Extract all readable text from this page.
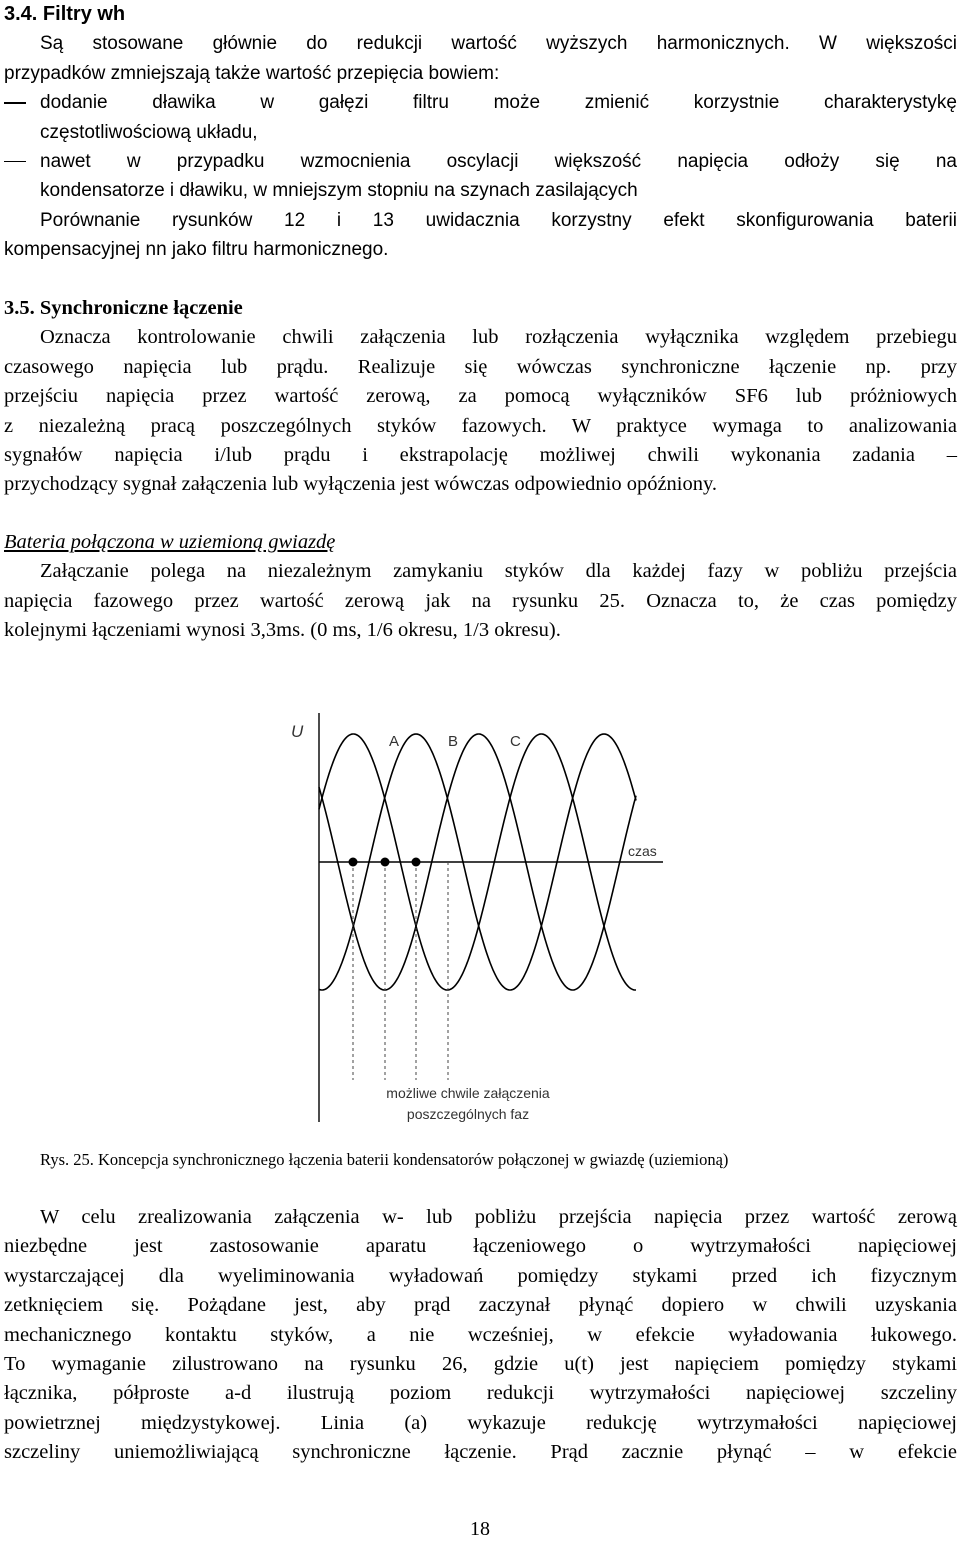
3.4. Filtry wh
Są stosowane głównie do redukcji wartość wyższych harmonicznych. W większości
przypadków zmniejszają także wartość przepięcia bowiem:
dodanie dławika w gałęzi filtru może zmienić korzystnie charakterystykę
częstotliwościową układu,
nawet w przypadku wzmocnienia oscylacji większość napięcia odłoży się na
kondensatorze i dławiku, w mniejszym stopniu na szynach zasilających
Porównanie rysunków 12 i 13 uwidacznia korzystny efekt skonfigurowania baterii
kompensacyjnej nn jako filtru harmonicznego.
3.5. Synchroniczne łączenie
Oznacza kontrolowanie chwili załączenia lub rozłączenia wyłącznika względem przebiegu
czasowego napięcia lub prądu. Realizuje się wówczas synchroniczne łączenie np. przy
przejściu napięcia przez wartość zerową, za pomocą wyłączników SF6 lub próżniowych
z niezależną pracą poszczególnych styków fazowych. W praktyce wymaga to analizowania
sygnałów napięcia i/lub prądu i ekstrapolację możliwej chwili wykonania zadania –
przychodzący sygnał załączenia lub wyłączenia jest wówczas odpowiednio opóźniony.
Bateria połączona w uziemioną gwiazdę
Załączanie polega na niezależnym zamykaniu styków dla każdej fazy w pobliżu przejścia
napięcia fazowego przez wartość zerową jak na rysunku 25. Oznacza to, że czas pomiędzy
kolejnymi łączeniami wynosi 3,3ms. (0 ms, 1/6 okresu, 1/3 okresu).
U
A	B	C
czas
możliwe chwile załączenia
poszczególnych faz
Rys. 25. Koncepcja synchronicznego łączenia baterii kondensatorów połączonej w gwiazdę (uziemioną)
W celu zrealizowania załączenia w- lub pobliżu przejścia napięcia przez wartość zerową
niezbędne jest zastosowanie aparatu łączeniowego o wytrzymałości napięciowej
wystarczającej dla wyeliminowania wyładowań pomiędzy stykami przed ich fizycznym
zetknięciem się. Pożądane jest, aby prąd zaczynał płynąć dopiero w chwili uzyskania
mechanicznego kontaktu styków, a nie wcześniej, w efekcie wyładowania łukowego.
To wymaganie zilustrowano na rysunku 26, gdzie u(t) jest napięciem pomiędzy stykami
łącznika, półproste a-d ilustrują poziom redukcji wytrzymałości napięciowej szczeliny
powietrznej międzystykowej. Linia (a) wykazuje redukcję wytrzymałości napięciowej
szczeliny uniemożliwiającą synchroniczne łączenie. Prąd zacznie płynąć – w efekcie
18
